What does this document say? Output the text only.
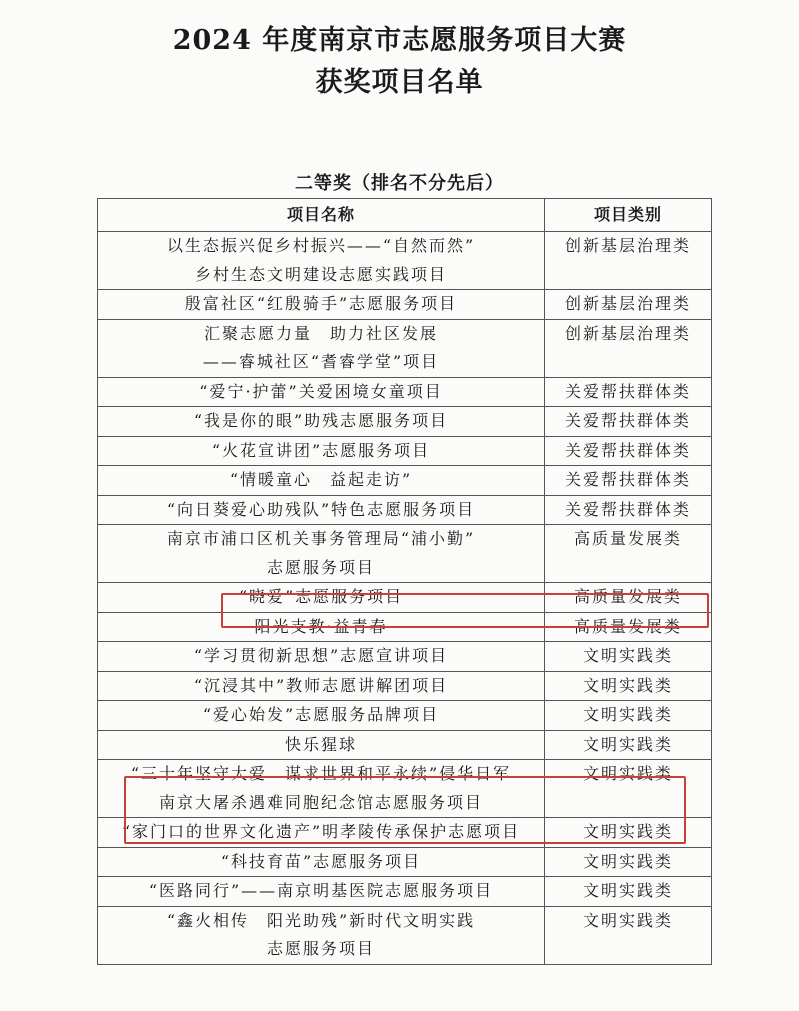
2024 年度南京市志愿服务项目大赛
获奖项目名单
二等奖（排名不分先后）
项目名称	项目类别

以生态振兴促乡村振兴——“自然而然”
乡村生态文明建设志愿实践项目	创新基层治理类

殷富社区“红殷骑手”志愿服务项目	创新基层治理类

汇聚志愿力量　助力社区发展
——睿城社区“耆睿学堂”项目	创新基层治理类

“爱宁·护蕾”关爱困境女童项目	关爱帮扶群体类

“我是你的眼”助残志愿服务项目	关爱帮扶群体类

“火花宣讲团”志愿服务项目	关爱帮扶群体类

“情暖童心　益起走访”	关爱帮扶群体类

“向日葵爱心助残队”特色志愿服务项目	关爱帮扶群体类

南京市浦口区机关事务管理局“浦小勤”
志愿服务项目	高质量发展类

“晓爱”志愿服务项目	高质量发展类

阳光支教·益青春	高质量发展类

“学习贯彻新思想”志愿宣讲项目	文明实践类

“沉浸其中”教师志愿讲解团项目	文明实践类

“爱心始发”志愿服务品牌项目	文明实践类

快乐猩球	文明实践类

“三十年坚守大爱　谋求世界和平永续”侵华日军
南京大屠杀遇难同胞纪念馆志愿服务项目	文明实践类

“家门口的世界文化遗产”明孝陵传承保护志愿项目	文明实践类

“科技育苗”志愿服务项目	文明实践类

“医路同行”——南京明基医院志愿服务项目	文明实践类

“鑫火相传　阳光助残”新时代文明实践
志愿服务项目	文明实践类
